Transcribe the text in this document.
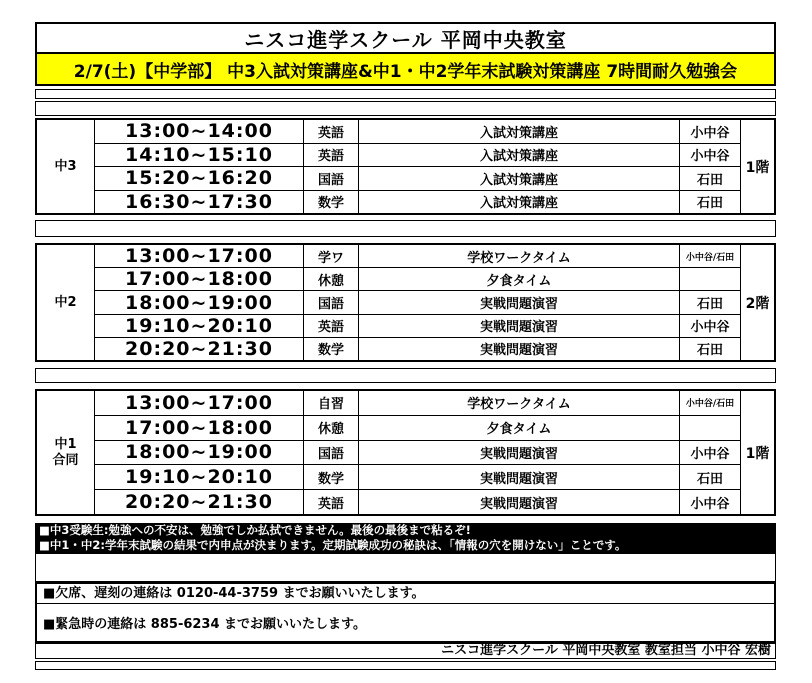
ニスコ進学スクール 平岡中央教室
2/7(土)【中学部】 中3入試対策講座&中1・中2学年末試験対策講座 7時間耐久勉強会
中3
13:00~14:00	英語	入試対策講座	小中谷
14:10~15:10	英語	入試対策講座	小中谷
15:20~16:20	国語	入試対策講座	石田
16:30~17:30	数学	入試対策講座	石田
1階
中2
13:00~17:00	学ワ	学校ワークタイム	小中谷/石田
17:00~18:00	休憩	夕食タイム
18:00~19:00	国語	実戦問題演習	石田
19:10~20:10	英語	実戦問題演習	小中谷
20:20~21:30	数学	実戦問題演習	石田
2階
中1
合同
13:00~17:00	自習	学校ワークタイム	小中谷/石田
17:00~18:00	休憩	夕食タイム
18:00~19:00	国語	実戦問題演習	小中谷
19:10~20:10	数学	実戦問題演習	石田
20:20~21:30	英語	実戦問題演習	小中谷
1階
■中3受験生:勉強への不安は、勉強でしか払拭できません。最後の最後まで粘るぞ!
■中1・中2:学年末試験の結果で内申点が決まります。定期試験成功の秘訣は、「情報の穴を開けない」ことです。
■欠席、遅刻の連絡は 0120-44-3759 までお願いいたします。
■緊急時の連絡は 885-6234 までお願いいたします。
ニスコ進学スクール 平岡中央教室 教室担当 小中谷 宏樹
